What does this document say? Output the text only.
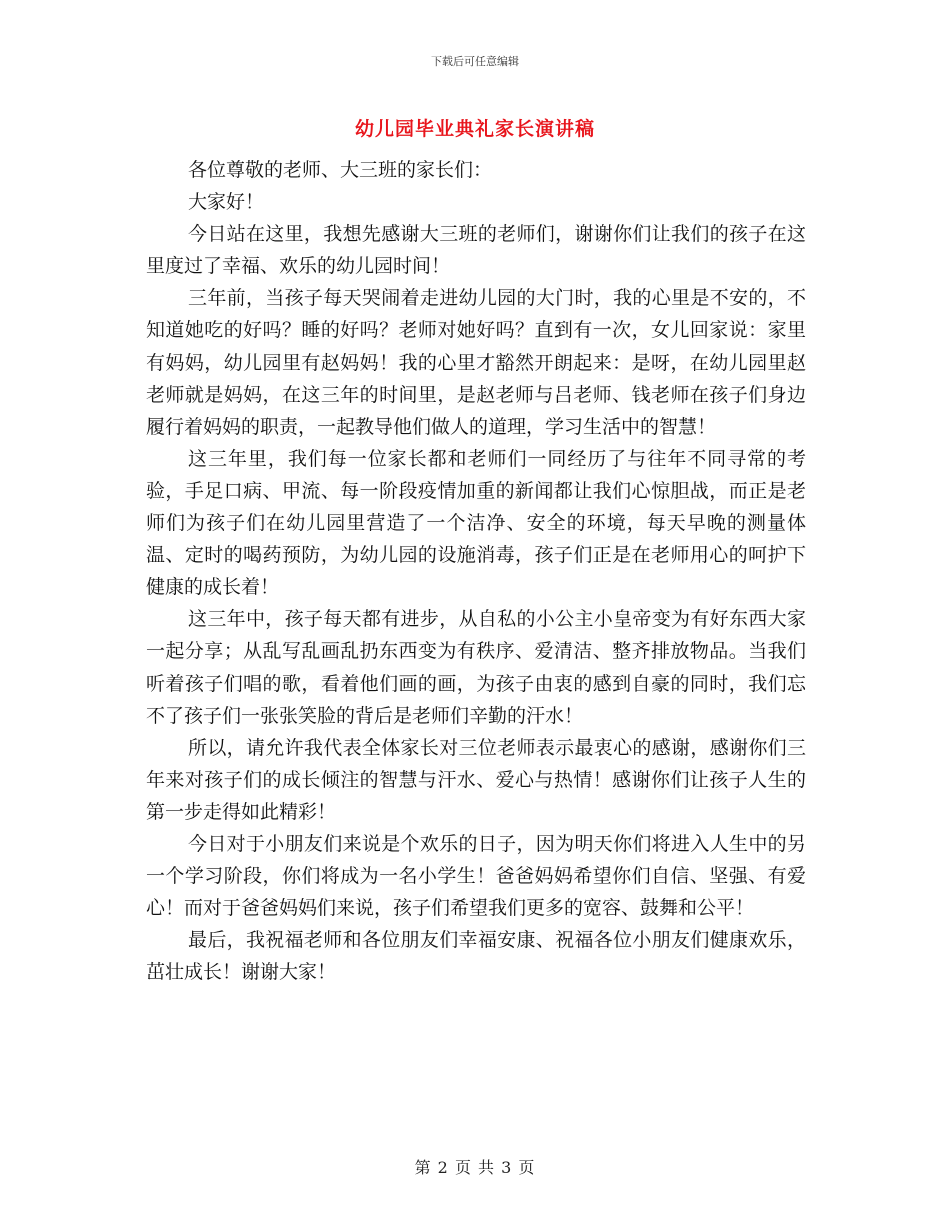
下载后可任意编辑
幼儿园毕业典礼家长演讲稿

各位尊敬的老师、大三班的家长们：

大家好！

今日站在这里，我想先感谢大三班的老师们，谢谢你们让我们的孩子在这里度过了幸福、欢乐的幼儿园时间！

三年前，当孩子每天哭闹着走进幼儿园的大门时，我的心里是不安的，不知道她吃的好吗？睡的好吗？老师对她好吗？直到有一次，女儿回家说：家里有妈妈，幼儿园里有赵妈妈！我的心里才豁然开朗起来：是呀，在幼儿园里赵老师就是妈妈，在这三年的时间里，是赵老师与吕老师、钱老师在孩子们身边履行着妈妈的职责，一起教导他们做人的道理，学习生活中的智慧！

这三年里，我们每一位家长都和老师们一同经历了与往年不同寻常的考验，手足口病、甲流、每一阶段疫情加重的新闻都让我们心惊胆战，而正是老师们为孩子们在幼儿园里营造了一个洁净、安全的环境，每天早晚的测量体温、定时的喝药预防，为幼儿园的设施消毒，孩子们正是在老师用心的呵护下健康的成长着！

这三年中，孩子每天都有进步，从自私的小公主小皇帝变为有好东西大家一起分享；从乱写乱画乱扔东西变为有秩序、爱清洁、整齐排放物品。当我们听着孩子们唱的歌，看着他们画的画，为孩子由衷的感到自豪的同时，我们忘不了孩子们一张张笑脸的背后是老师们辛勤的汗水！

所以，请允许我代表全体家长对三位老师表示最衷心的感谢，感谢你们三年来对孩子们的成长倾注的智慧与汗水、爱心与热情！感谢你们让孩子人生的第一步走得如此精彩！

今日对于小朋友们来说是个欢乐的日子，因为明天你们将进入人生中的另一个学习阶段，你们将成为一名小学生！爸爸妈妈希望你们自信、坚强、有爱心！而对于爸爸妈妈们来说，孩子们希望我们更多的宽容、鼓舞和公平！

最后，我祝福老师和各位朋友们幸福安康、祝福各位小朋友们健康欢乐，茁壮成长！谢谢大家！

第 2 页 共 3 页
